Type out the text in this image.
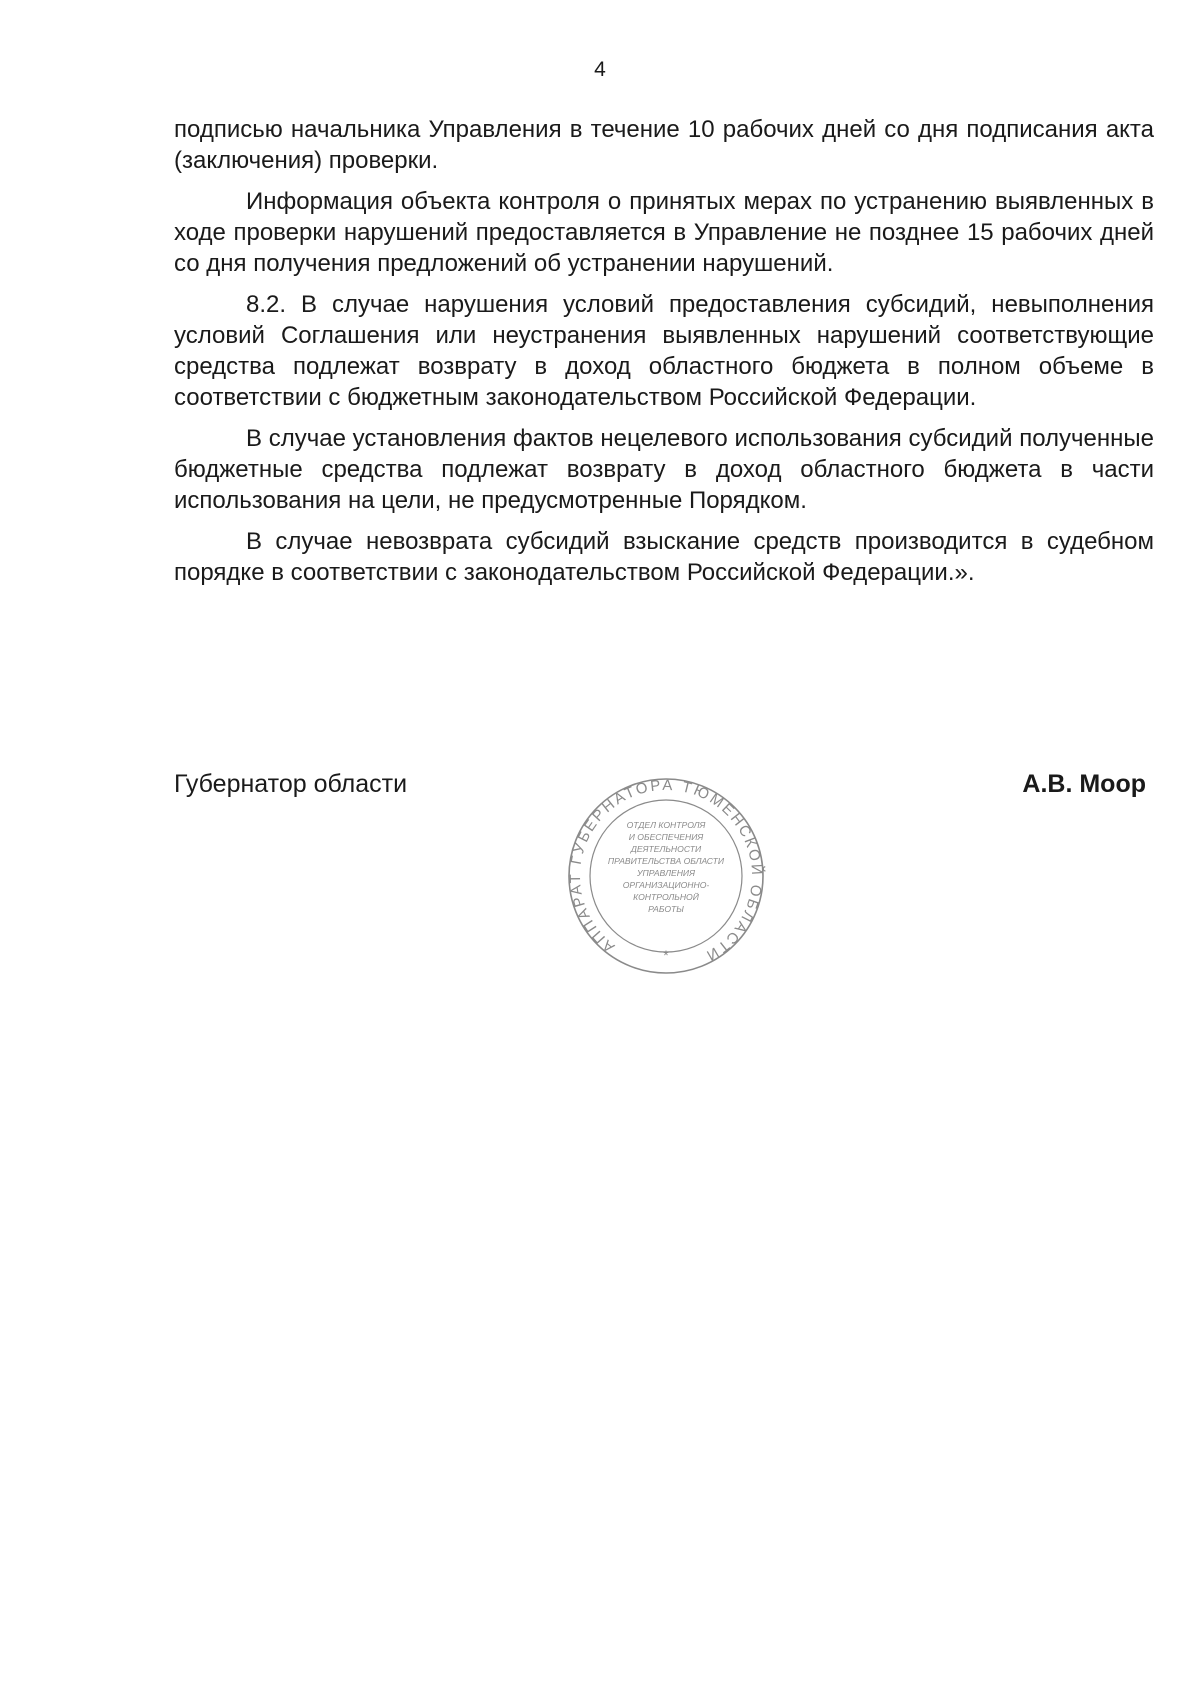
4

подписью начальника Управления в течение 10 рабочих дней со дня подписания акта (заключения) проверки.

Информация объекта контроля о принятых мерах по устранению выявленных в ходе проверки нарушений предоставляется в Управление не позднее 15 рабочих дней со дня получения предложений об устранении нарушений.

8.2. В случае нарушения условий предоставления субсидий, невыполнения условий Соглашения или неустранения выявленных нарушений соответствующие средства подлежат возврату в доход областного бюджета в полном объеме в соответствии с бюджетным законодательством Российской Федерации.

В случае установления фактов нецелевого использования субсидий полученные бюджетные средства подлежат возврату в доход областного бюджета в части использования на цели, не предусмотренные Порядком.

В случае невозврата субсидий взыскание средств производится в судебном порядке в соответствии с законодательством Российской Федерации.».

Губернатор области	А.В. Моор
АППАРАТ ГУБЕРНАТОРА ТЮМЕНСКОЙ ОБЛАСТИ
ОТДЕЛ КОНТРОЛЯ
И ОБЕСПЕЧЕНИЯ
ДЕЯТЕЛЬНОСТИ
ПРАВИТЕЛЬСТВА ОБЛАСТИ
УПРАВЛЕНИЯ
ОРГАНИЗАЦИОННО-
КОНТРОЛЬНОЙ
РАБОТЫ
*
